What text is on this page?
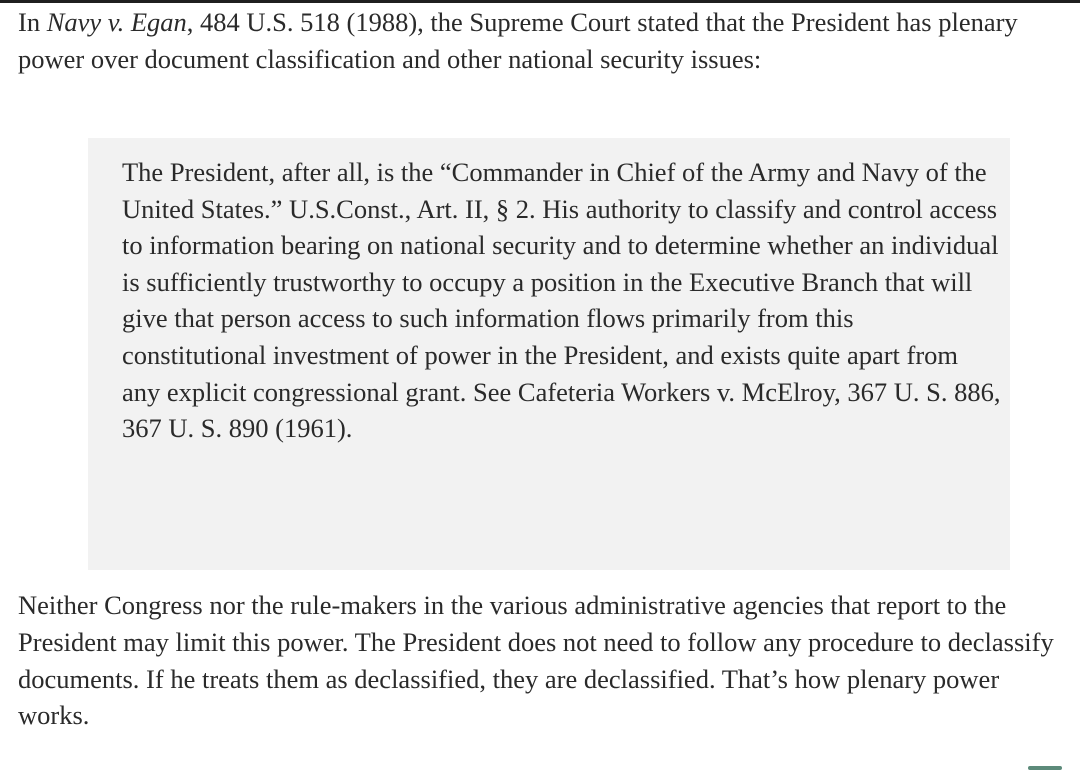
In Navy v. Egan, 484 U.S. 518 (1988), the Supreme Court stated that the President has plenary power over document classification and other national security issues:

The President, after all, is the “Commander in Chief of the Army and Navy of the United States.” U.S.Const., Art. II, § 2. His authority to classify and control access to information bearing on national security and to determine whether an individual is sufficiently trustworthy to occupy a position in the Executive Branch that will give that person access to such information flows primarily from this constitutional investment of power in the President, and exists quite apart from any explicit congressional grant. See Cafeteria Workers v. McElroy, 367 U. S. 886, 367 U. S. 890 (1961).

Neither Congress nor the rule-makers in the various administrative agencies that report to the President may limit this power. The President does not need to follow any procedure to declassify documents. If he treats them as declassified, they are declassified. That’s how plenary power works.
